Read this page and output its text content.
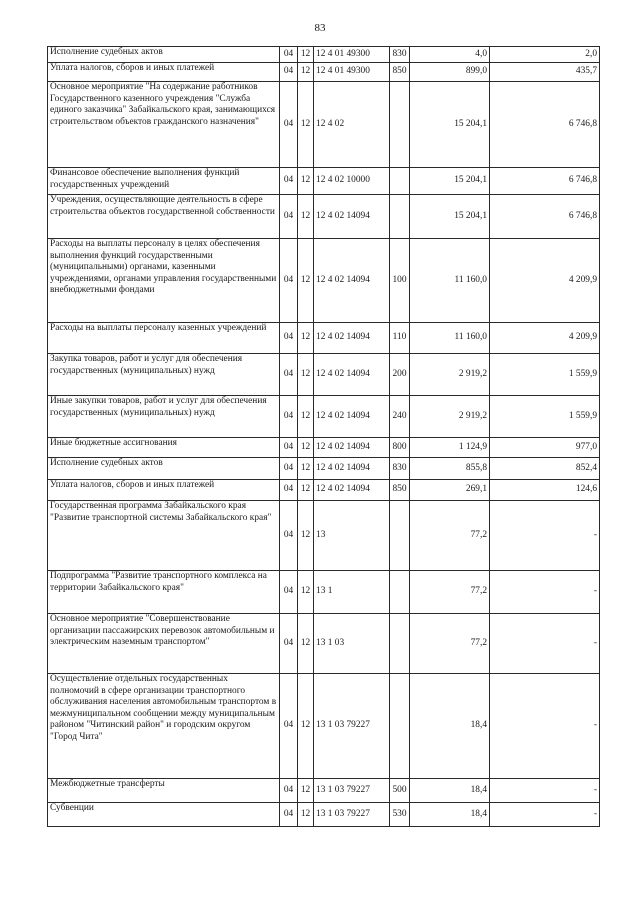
83
Исполнение судебных актов	04	12	12 4 01 49300	830	4,0	2,0
Уплата налогов, сборов и иных платежей	04	12	12 4 01 49300	850	899,0	435,7
Основное мероприятие "На содержание работников Государственного казенного учреждения "Служба единого заказчика" Забайкальского края, занимающихся строительством объектов гражданского назначения"	04	12	12 4 02		15 204,1	6 746,8
Финансовое обеспечение выполнения функций государственных учреждений	04	12	12 4 02 10000		15 204,1	6 746,8
Учреждения, осуществляющие деятельность в сфере строительства объектов государственной собственности	04	12	12 4 02 14094		15 204,1	6 746,8
Расходы на выплаты персоналу в целях обеспечения выполнения функций государственными (муниципальными) органами, казенными учреждениями, органами управления государственными внебюджетными фондами	04	12	12 4 02 14094	100	11 160,0	4 209,9
Расходы на выплаты персоналу казенных учреждений	04	12	12 4 02 14094	110	11 160,0	4 209,9
Закупка товаров, работ и услуг для обеспечения государственных (муниципальных) нужд	04	12	12 4 02 14094	200	2 919,2	1 559,9
Иные закупки товаров, работ и услуг для обеспечения государственных (муниципальных) нужд	04	12	12 4 02 14094	240	2 919,2	1 559,9
Иные бюджетные ассигнования	04	12	12 4 02 14094	800	1 124,9	977,0
Исполнение судебных актов	04	12	12 4 02 14094	830	855,8	852,4
Уплата налогов, сборов и иных платежей	04	12	12 4 02 14094	850	269,1	124,6
Государственная программа Забайкальского края "Развитие транспортной системы Забайкальского края"	04	12	13		77,2	-
Подпрограмма "Развитие транспортного комплекса на территории Забайкальского края"	04	12	13 1		77,2	-
Основное мероприятие "Совершенствование организации пассажирских перевозок автомобильным и электрическим наземным транспортом"	04	12	13 1 03		77,2	-
Осуществление отдельных государственных полномочий в сфере организации транспортного обслуживания населения автомобильным транспортом в межмуниципальном сообщении между муниципальным районом "Читинский район" и городским округом "Город Чита"	04	12	13 1 03 79227		18,4	-
Межбюджетные трансферты	04	12	13 1 03 79227	500	18,4	-
Субвенции	04	12	13 1 03 79227	530	18,4	-
